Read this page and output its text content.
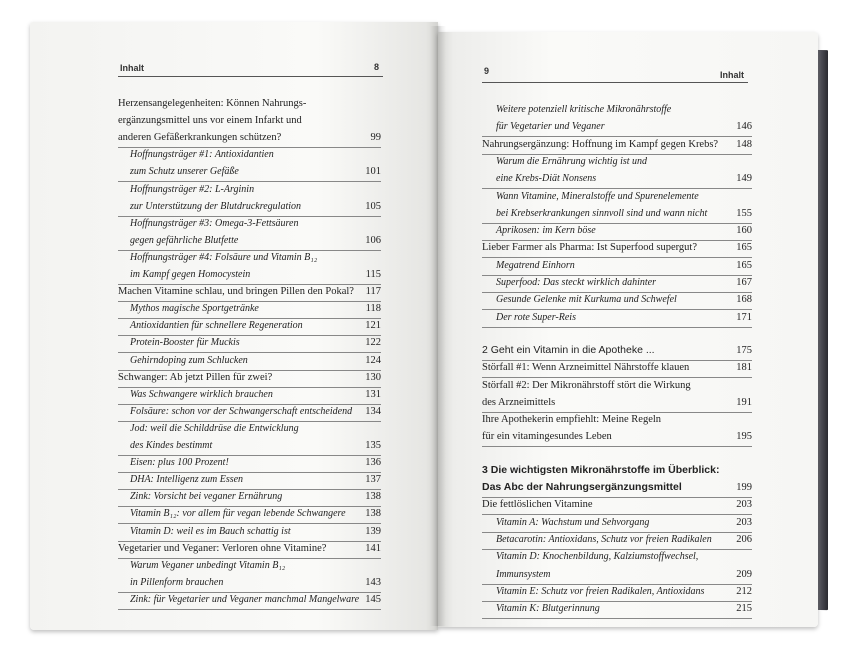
Inhalt	8	9	Inhalt
Herzensangelegenheiten: Können Nahrungs-
ergänzungsmittel uns vor einem Infarkt und
anderen Gefäßerkrankungen schützen?	99
Hoffnungsträger #1: Antioxidantien
zum Schutz unserer Gefäße	101
Hoffnungsträger #2: L-Arginin
zur Unterstützung der Blutdruckregulation	105
Hoffnungsträger #3: Omega-3-Fettsäuren
gegen gefährliche Blutfette	106
Hoffnungsträger #4: Folsäure und Vitamin B₁₂
im Kampf gegen Homocystein	115
Machen Vitamine schlau, und bringen Pillen den Pokal?	117
Mythos magische Sportgetränke	118
Antioxidantien für schnellere Regeneration	121
Protein-Booster für Muckis	122
Gehirndoping zum Schlucken	124
Schwanger: Ab jetzt Pillen für zwei?	130
Was Schwangere wirklich brauchen	131
Folsäure: schon vor der Schwangerschaft entscheidend	134
Jod: weil die Schilddrüse die Entwicklung
des Kindes bestimmt	135
Eisen: plus 100 Prozent!	136
DHA: Intelligenz zum Essen	137
Zink: Vorsicht bei veganer Ernährung	138
Vitamin B₁₂: vor allem für vegan lebende Schwangere	138
Vitamin D: weil es im Bauch schattig ist	139
Vegetarier und Veganer: Verloren ohne Vitamine?	141
Warum Veganer unbedingt Vitamin B₁₂
in Pillenform brauchen	143
Zink: für Vegetarier und Veganer manchmal Mangelware 145
Weitere potenziell kritische Mikronährstoffe
für Vegetarier und Veganer	146
Nahrungsergänzung: Hoffnung im Kampf gegen Krebs?	148
Warum die Ernährung wichtig ist und
eine Krebs-Diät Nonsens	149
Wann Vitamine, Mineralstoffe und Spurenelemente
bei Krebserkrankungen sinnvoll sind und wann nicht	155
Aprikosen: im Kern böse	160
Lieber Farmer als Pharma: Ist Superfood supergut?	165
Megatrend Einhorn	165
Superfood: Das steckt wirklich dahinter	167
Gesunde Gelenke mit Kurkuma und Schwefel	168
Der rote Super-Reis	171
2 Geht ein Vitamin in die Apotheke ...	175
Störfall #1: Wenn Arzneimittel Nährstoffe klauen	181
Störfall #2: Der Mikronährstoff stört die Wirkung
des Arzneimittels	191
Ihre Apothekerin empfiehlt: Meine Regeln
für ein vitamingesundes Leben	195
3 Die wichtigsten Mikronährstoffe im Überblick:
Das Abc der Nahrungsergänzungsmittel	199
Die fettlöslichen Vitamine	203
Vitamin A: Wachstum und Sehvorgang	203
Betacarotin: Antioxidans, Schutz vor freien Radikalen	206
Vitamin D: Knochenbildung, Kalziumstoffwechsel,
Immunsystem	209
Vitamin E: Schutz vor freien Radikalen, Antioxidans	212
Vitamin K: Blutgerinnung	215
